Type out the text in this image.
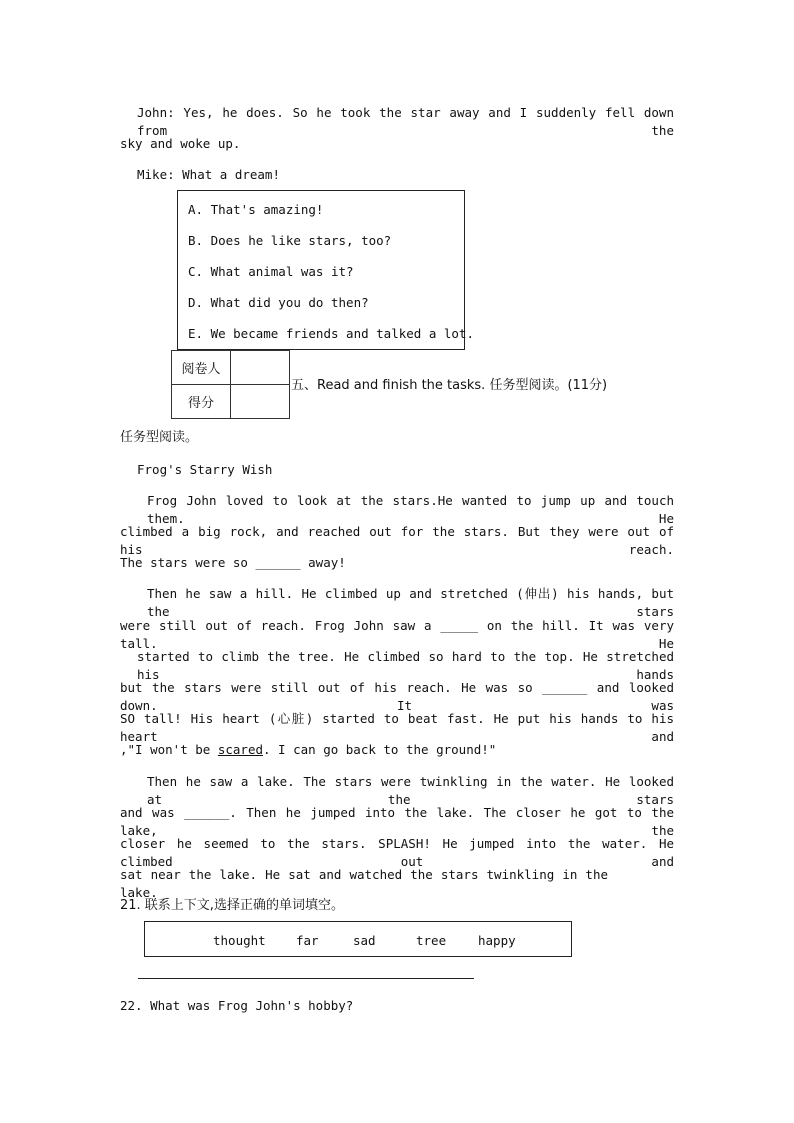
John: Yes, he does. So he took the star away and I suddenly fell down from the
sky and woke up.
Mike: What a dream!
A. That's amazing!
B. Does he like stars, too?
C. What animal was it?
D. What did you do then?
E. We became friends and talked a lot.
阅卷人	
得分	
五、Read and finish the tasks. 任务型阅读。(11分)
任务型阅读。
Frog's Starry Wish
Frog John loved to look at the stars.He wanted to jump up and touch them. He
climbed a big rock, and reached out for the stars. But they were out of his reach.
The stars were so ______ away!
Then he saw a hill. He climbed up and stretched (伸出) his hands, but the stars
were still out of reach. Frog John saw a _____ on the hill. It was very tall. He
started to climb the tree. He climbed so hard to the top. He stretched his hands
but the stars were still out of his reach. He was so ______ and looked down. It was
SO tall! His heart (心脏) started to beat fast. He put his hands to his heart and
,"I won't be scared. I can go back to the ground!"
Then he saw a lake. The stars were twinkling in the water. He looked at the stars
and was ______. Then he jumped into the lake. The closer he got to the lake, the
closer he seemed to the stars. SPLASH! He jumped into the water. He climbed out and
sat near the lake. He sat and watched the stars twinkling in the lake.
21. 联系上下文,选择正确的单词填空。
thought far	sad	tree	happy
22. What was Frog John's hobby?
